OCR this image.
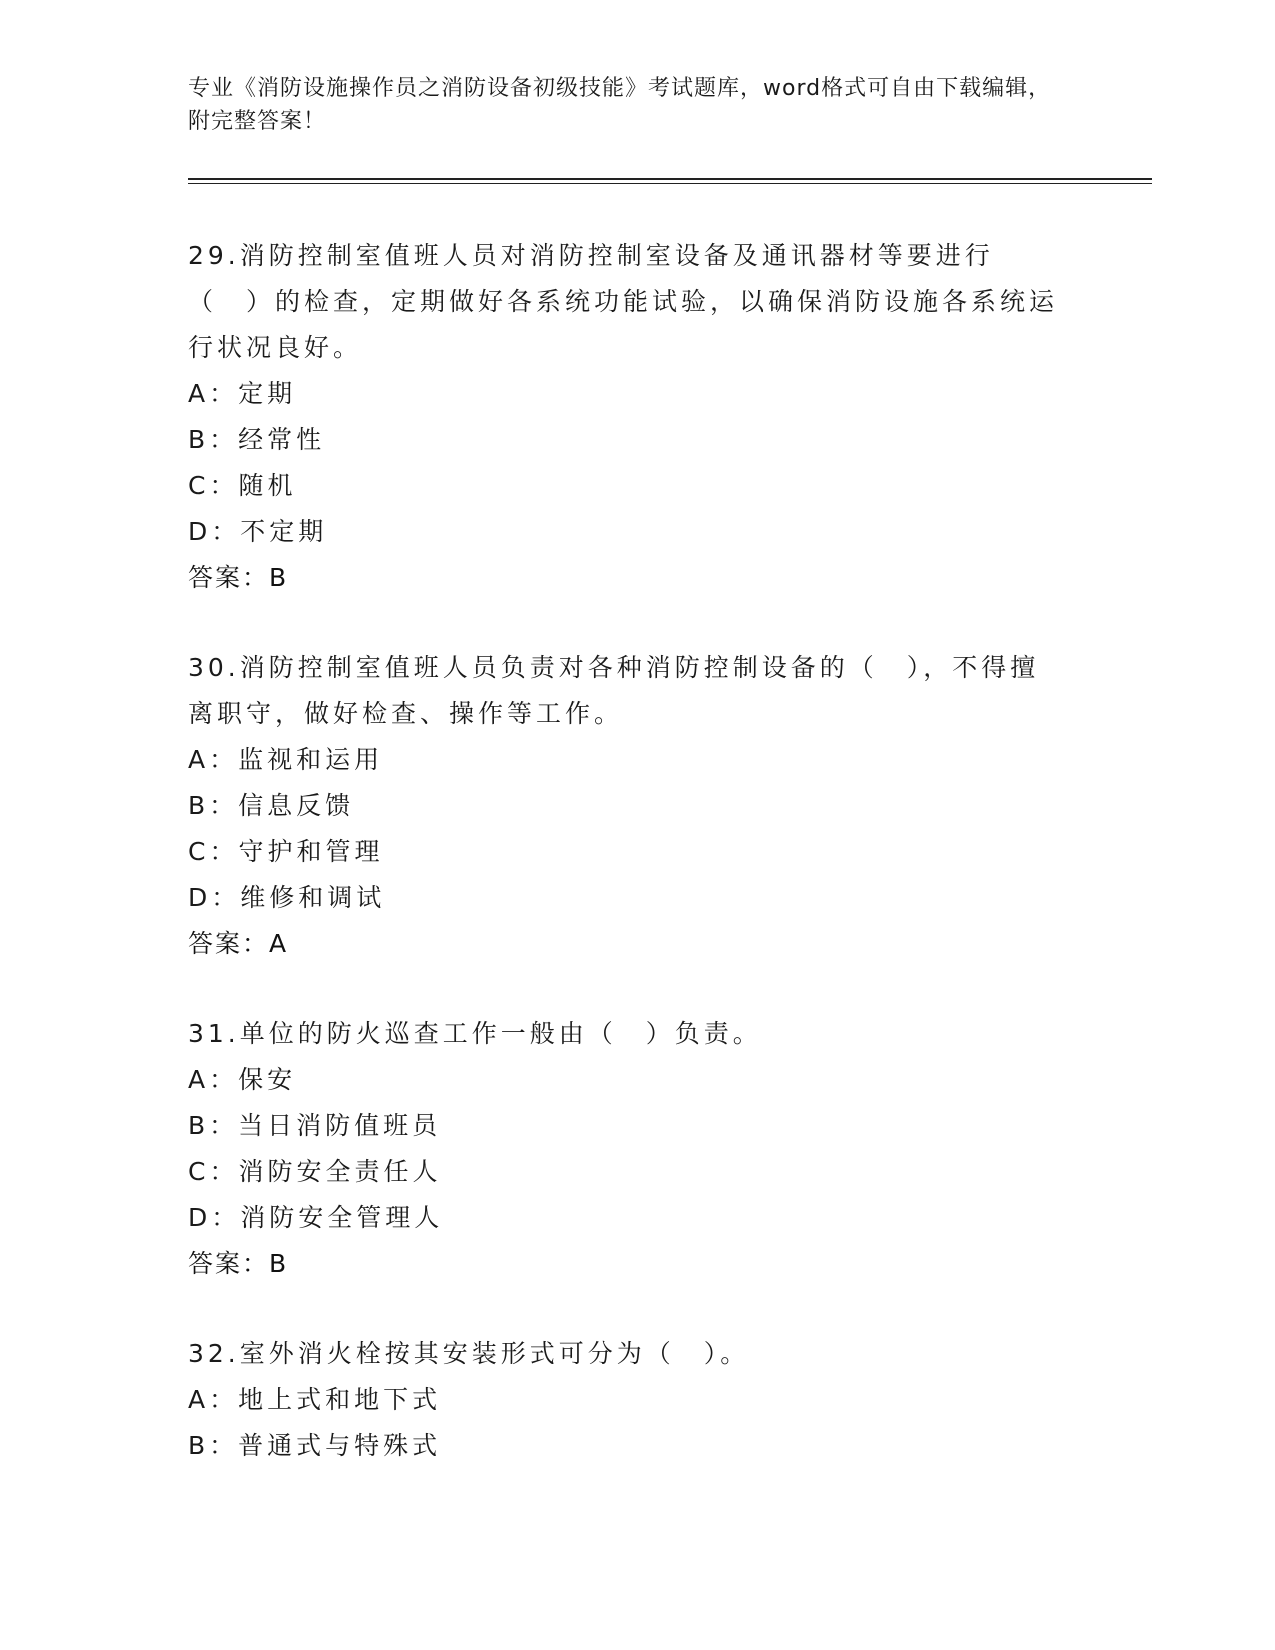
专业《消防设施操作员之消防设备初级技能》考试题库，word格式可自由下载编辑，附完整答案！
29.消防控制室值班人员对消防控制室设备及通讯器材等要进行（　）的检查，定期做好各系统功能试验，以确保消防设施各系统运行状况良好。
A：定期
B：经常性
C：随机
D：不定期
答案：B
30.消防控制室值班人员负责对各种消防控制设备的（　），不得擅离职守，做好检查、操作等工作。
A：监视和运用
B：信息反馈
C：守护和管理
D：维修和调试
答案：A
31.单位的防火巡查工作一般由（　）负责。
A：保安
B：当日消防值班员
C：消防安全责任人
D：消防安全管理人
答案：B
32.室外消火栓按其安装形式可分为（　）。
A：地上式和地下式
B：普通式与特殊式
